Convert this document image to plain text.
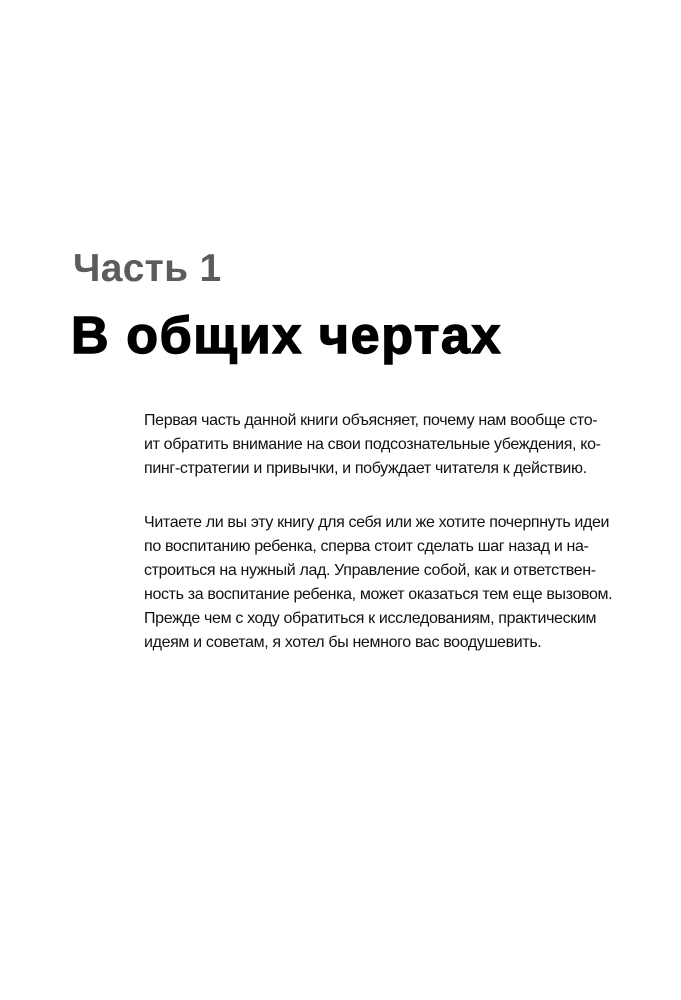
Часть 1
В общих чертах
Первая часть данной книги объясняет, почему нам вообще сто-
ит обратить внимание на свои подсознательные убеждения, ко-
пинг-стратегии и привычки, и побуждает читателя к действию.
Читаете ли вы эту книгу для себя или же хотите почерпнуть идеи
по воспитанию ребенка, сперва стоит сделать шаг назад и на-
строиться на нужный лад. Управление собой, как и ответствен-
ность за воспитание ребенка, может оказаться тем еще вызовом.
Прежде чем с ходу обратиться к исследованиям, практическим
идеям и советам, я хотел бы немного вас воодушевить.
